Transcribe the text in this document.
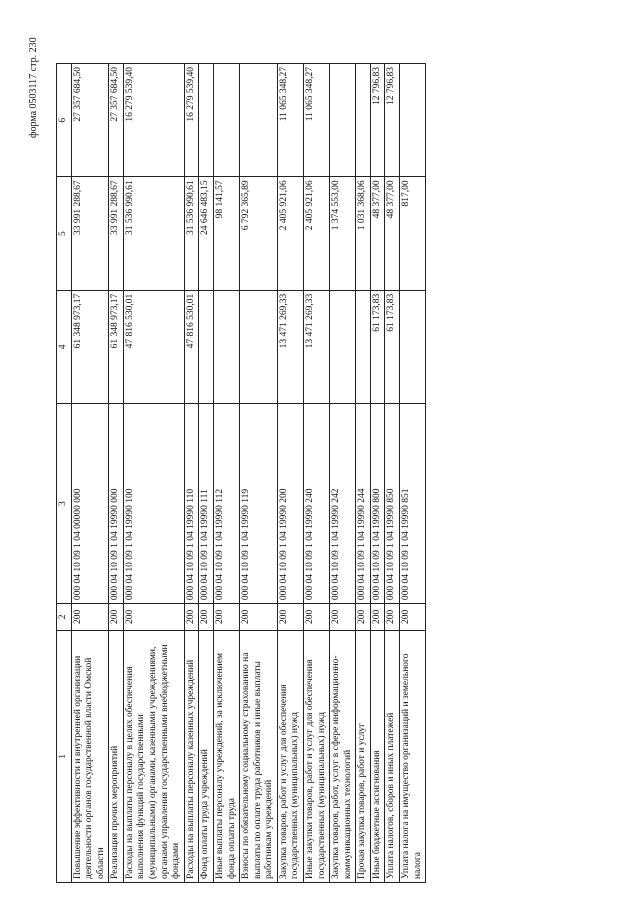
форма 0503117 стр. 230
1	2	3	4	5	6
Повышение эффективности и внутренней организации деятельности органов государственной власти Омской области	200	000 04 10 09 1 04 00000 000	61 348 973,17	33 991 288,67	27 357 684,50
Реализация прочих мероприятий	200	000 04 10 09 1 04 19990 000	61 348 973,17	33 991 288,67	27 357 684,50
Расходы на выплаты персоналу в целях обеспечения выполнения функций государственными (муниципальными) органами, казенными учреждениями, органами управления государственными внебюджетными фондами	200	000 04 10 09 1 04 19990 100	47 816 530,01	31 536 990,61	16 279 539,40
Расходы на выплаты персоналу казенных учреждений	200	000 04 10 09 1 04 19990 110	47 816 530,01	31 536 990,61	16 279 539,40
Фонд оплаты труда учреждений	200	000 04 10 09 1 04 19990 111		24 646 483,15	
Иные выплаты персоналу учреждений, за исключением фонда оплаты труда	200	000 04 10 09 1 04 19990 112		98 141,57	
Взносы по обязательному социальному страхованию на выплаты по оплате труда работников и иные выплаты работникам учреждений	200	000 04 10 09 1 04 19990 119		6 792 365,89	
Закупка товаров, работ и услуг для обеспечения государственных (муниципальных) нужд	200	000 04 10 09 1 04 19990 200	13 471 269,33	2 405 921,06	11 065 348,27
Иные закупки товаров, работ и услуг для обеспечения государственных (муниципальных) нужд	200	000 04 10 09 1 04 19990 240	13 471 269,33	2 405 921,06	11 065 348,27
Закупка товаров, работ, услуг в сфере информационно-коммуникационных технологий	200	000 04 10 09 1 04 19990 242		1 374 553,00	
Прочая закупка товаров, работ и услуг	200	000 04 10 09 1 04 19990 244		1 031 368,06	
Иные бюджетные ассигнования	200	000 04 10 09 1 04 19990 800	61 173,83	48 377,00	12 796,83
Уплата налогов, сборов и иных платежей	200	000 04 10 09 1 04 19990 850	61 173,83	48 377,00	12 796,83
Уплата налога на имущество организаций и земельного налога	200	000 04 10 09 1 04 19990 851		817,00	
